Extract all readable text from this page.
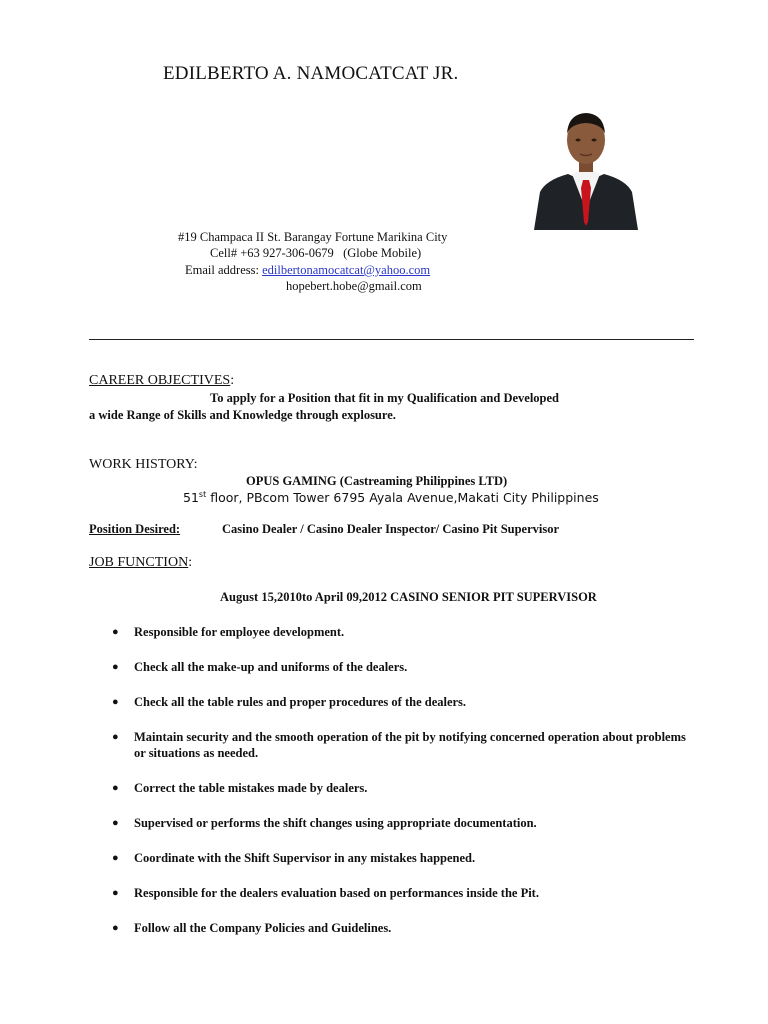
EDILBERTO A. NAMOCATCAT JR.
#19 Champaca II St. Barangay Fortune Marikina City
Cell# +63 927-306-0679 (Globe Mobile)
Email address: edilbertonamocatcat@yahoo.com
hopebert.hobe@gmail.com
CAREER OBJECTIVES:
To apply for a Position that fit in my Qualification and Developed
a wide Range of Skills and Knowledge through explosure.
WORK HISTORY:
OPUS GAMING (Castreaming Philippines LTD)
51st floor, PBcom Tower 6795 Ayala Avenue,Makati City Philippines
Position Desired:	Casino Dealer / Casino Dealer Inspector/ Casino Pit Supervisor
JOB FUNCTION:
August 15,2010to April 09,2012 CASINO SENIOR PIT SUPERVISOR
● Responsible for employee development.
● Check all the make-up and uniforms of the dealers.
● Check all the table rules and proper procedures of the dealers.
● Maintain security and the smooth operation of the pit by notifying concerned operation about problems or situations as needed.
● Correct the table mistakes made by dealers.
● Supervised or performs the shift changes using appropriate documentation.
● Coordinate with the Shift Supervisor in any mistakes happened.
● Responsible for the dealers evaluation based on performances inside the Pit.
● Follow all the Company Policies and Guidelines.
